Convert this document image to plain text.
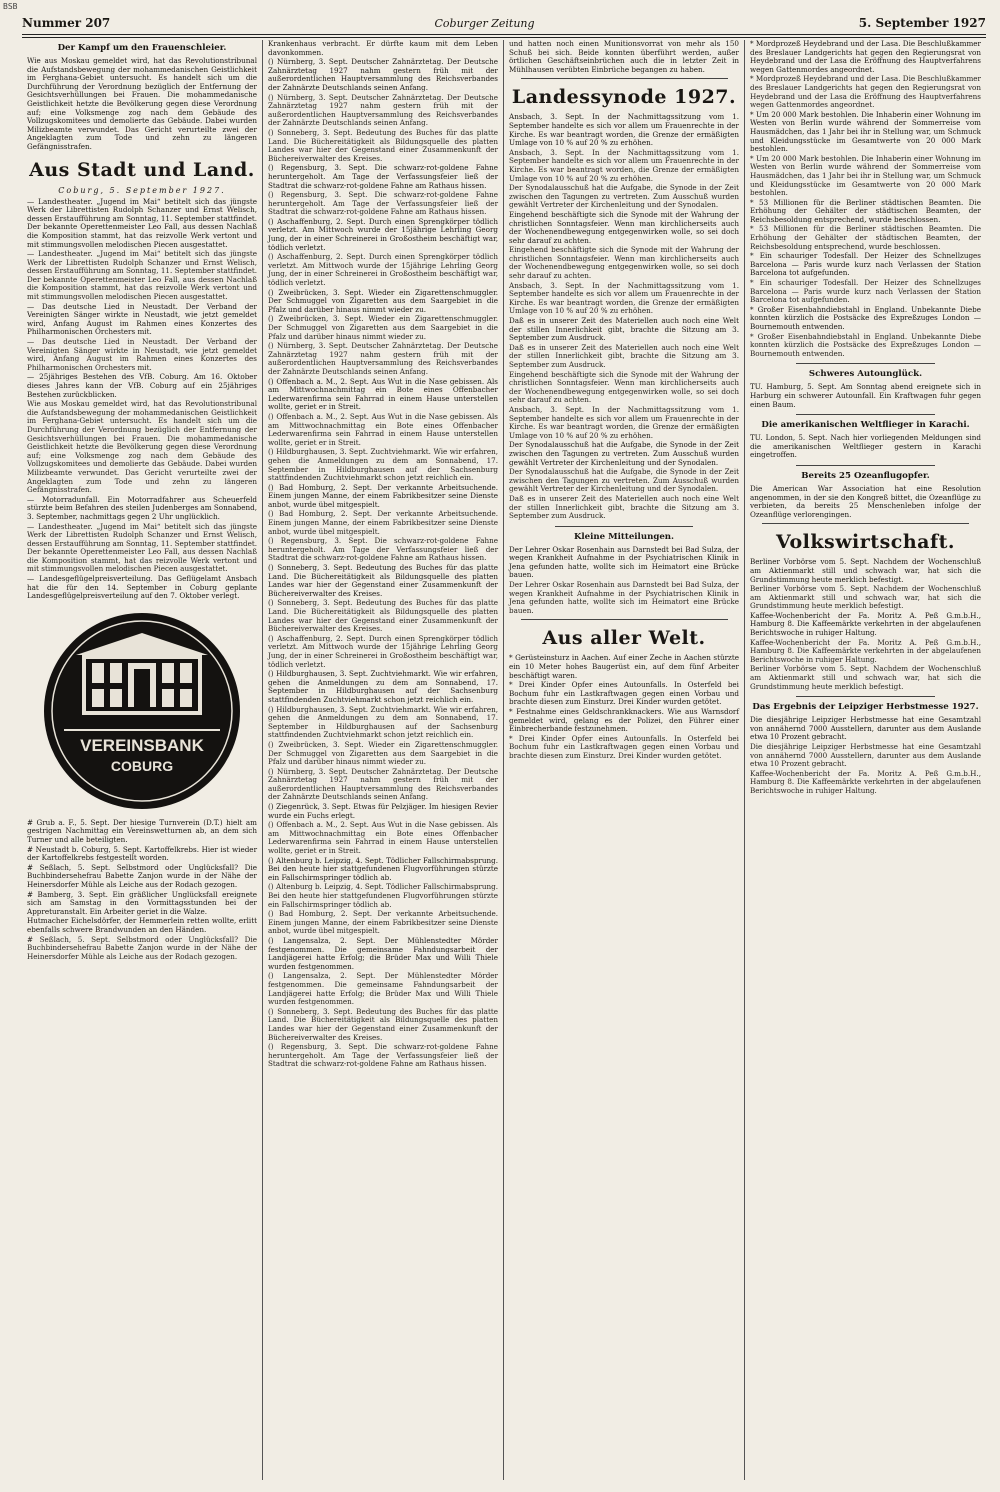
BSB
Nummer 207	Coburger Zeitung	5. September 1927
Der Kampf um den Frauenschleier.
Wie aus Moskau gemeldet wird, hat das Revolutionstribunal die Aufstandsbewegung der mohammedanischen Geistlichkeit im Ferghana-Gebiet untersucht. Es handelt sich um die Durchführung der Verordnung bezüglich der Entfernung der Gesichtsverhüllungen bei Frauen. Die mohammedanische Geistlichkeit hetzte die Bevölkerung gegen diese Verordnung auf; eine Volksmenge zog nach dem Gebäude des Vollzugskomitees und demolierte das Gebäude. Dabei wurden Milizbeamte verwundet. Das Gericht verurteilte zwei der Angeklagten zum Tode und zehn zu längeren Gefängnisstrafen.
Aus Stadt und Land.
Coburg, 5. September 1927.
— Landestheater. „Jugend im Mai“ betitelt sich das jüngste Werk der Librettisten Rudolph Schanzer und Ernst Welisch, dessen Erstaufführung am Sonntag, 11. September stattfindet. Der bekannte Operettenmeister Leo Fall, aus dessen Nachlaß die Komposition stammt, hat das reizvolle Werk vertont und mit stimmungsvollen melodischen Piecen ausgestattet.
— Landestheater. „Jugend im Mai“ betitelt sich das jüngste Werk der Librettisten Rudolph Schanzer und Ernst Welisch, dessen Erstaufführung am Sonntag, 11. September stattfindet. Der bekannte Operettenmeister Leo Fall, aus dessen Nachlaß die Komposition stammt, hat das reizvolle Werk vertont und mit stimmungsvollen melodischen Piecen ausgestattet.
— Das deutsche Lied in Neustadt. Der Verband der Vereinigten Sänger wirkte in Neustadt, wie jetzt gemeldet wird, Anfang August im Rahmen eines Konzertes des Philharmonischen Orchesters mit.
— Das deutsche Lied in Neustadt. Der Verband der Vereinigten Sänger wirkte in Neustadt, wie jetzt gemeldet wird, Anfang August im Rahmen eines Konzertes des Philharmonischen Orchesters mit.
— 25jähriges Bestehen des VfB. Coburg. Am 16. Oktober dieses Jahres kann der VfB. Coburg auf ein 25jähriges Bestehen zurückblicken.
Wie aus Moskau gemeldet wird, hat das Revolutionstribunal die Aufstandsbewegung der mohammedanischen Geistlichkeit im Ferghana-Gebiet untersucht. Es handelt sich um die Durchführung der Verordnung bezüglich der Entfernung der Gesichtsverhüllungen bei Frauen. Die mohammedanische Geistlichkeit hetzte die Bevölkerung gegen diese Verordnung auf; eine Volksmenge zog nach dem Gebäude des Vollzugskomitees und demolierte das Gebäude. Dabei wurden Milizbeamte verwundet. Das Gericht verurteilte zwei der Angeklagten zum Tode und zehn zu längeren Gefängnisstrafen.
— Motorradunfall. Ein Motorradfahrer aus Scheuerfeld stürzte beim Befahren des steilen Judenberges am Sonnabend, 3. September, nachmittags gegen 2 Uhr unglücklich.
— Landestheater. „Jugend im Mai“ betitelt sich das jüngste Werk der Librettisten Rudolph Schanzer und Ernst Welisch, dessen Erstaufführung am Sonntag, 11. September stattfindet. Der bekannte Operettenmeister Leo Fall, aus dessen Nachlaß die Komposition stammt, hat das reizvolle Werk vertont und mit stimmungsvollen melodischen Piecen ausgestattet.
— Landesgeflügelpreisverteilung. Das Geflügelamt Ansbach hat die für den 14. September in Coburg geplante Landesgeflügelpreisverteilung auf den 7. Oktober verlegt.
VEREINSBANK
COBURG
# Grub a. F., 5. Sept. Der hiesige Turnverein (D.T.) hielt am gestrigen Nachmittag ein Vereinswetturnen ab, an dem sich Turner und alle beteiligten.
# Neustadt b. Coburg, 5. Sept. Kartoffelkrebs. Hier ist wieder der Kartoffelkrebs festgestellt worden.
# Seßlach, 5. Sept. Selbstmord oder Unglücksfall? Die Buchbindersehefrau Babette Zanjon wurde in der Nähe der Heinersdorfer Mühle als Leiche aus der Rodach gezogen.
# Bamberg, 3. Sept. Ein gräßlicher Unglücksfall ereignete sich am Samstag in den Vormittagsstunden bei der Appreturanstalt. Ein Arbeiter geriet in die Walze.
Hutmacher Eichelsdörfer, der Hemmerlein retten wollte, erlitt ebenfalls schwere Brandwunden an den Händen.
# Seßlach, 5. Sept. Selbstmord oder Unglücksfall? Die Buchbindersehefrau Babette Zanjon wurde in der Nähe der Heinersdorfer Mühle als Leiche aus der Rodach gezogen.
Krankenhaus verbracht. Er dürfte kaum mit dem Leben davonkommen.
() Nürnberg, 3. Sept. Deutscher Zahnärztetag. Der Deutsche Zahnärztetag 1927 nahm gestern früh mit der außerordentlichen Hauptversammlung des Reichsverbandes der Zahnärzte Deutschlands seinen Anfang.
() Nürnberg, 3. Sept. Deutscher Zahnärztetag. Der Deutsche Zahnärztetag 1927 nahm gestern früh mit der außerordentlichen Hauptversammlung des Reichsverbandes der Zahnärzte Deutschlands seinen Anfang.
() Sonneberg, 3. Sept. Bedeutung des Buches für das platte Land. Die Büchereitätigkeit als Bildungsquelle des platten Landes war hier der Gegenstand einer Zusammenkunft der Büchereiverwalter des Kreises.
() Regensburg, 3. Sept. Die schwarz-rot-goldene Fahne heruntergeholt. Am Tage der Verfassungsfeier ließ der Stadtrat die schwarz-rot-goldene Fahne am Rathaus hissen.
() Regensburg, 3. Sept. Die schwarz-rot-goldene Fahne heruntergeholt. Am Tage der Verfassungsfeier ließ der Stadtrat die schwarz-rot-goldene Fahne am Rathaus hissen.
() Aschaffenburg, 2. Sept. Durch einen Sprengkörper tödlich verletzt. Am Mittwoch wurde der 15jährige Lehrling Georg Jung, der in einer Schreinerei in Großostheim beschäftigt war, tödlich verletzt.
() Aschaffenburg, 2. Sept. Durch einen Sprengkörper tödlich verletzt. Am Mittwoch wurde der 15jährige Lehrling Georg Jung, der in einer Schreinerei in Großostheim beschäftigt war, tödlich verletzt.
() Zweibrücken, 3. Sept. Wieder ein Zigarettenschmuggler. Der Schmuggel von Zigaretten aus dem Saargebiet in die Pfalz und darüber hinaus nimmt wieder zu.
() Zweibrücken, 3. Sept. Wieder ein Zigarettenschmuggler. Der Schmuggel von Zigaretten aus dem Saargebiet in die Pfalz und darüber hinaus nimmt wieder zu.
() Nürnberg, 3. Sept. Deutscher Zahnärztetag. Der Deutsche Zahnärztetag 1927 nahm gestern früh mit der außerordentlichen Hauptversammlung des Reichsverbandes der Zahnärzte Deutschlands seinen Anfang.
() Offenbach a. M., 2. Sept. Aus Wut in die Nase gebissen. Als am Mittwochnachmittag ein Bote eines Offenbacher Lederwarenfirma sein Fahrrad in einem Hause unterstellen wollte, geriet er in Streit.
() Offenbach a. M., 2. Sept. Aus Wut in die Nase gebissen. Als am Mittwochnachmittag ein Bote eines Offenbacher Lederwarenfirma sein Fahrrad in einem Hause unterstellen wollte, geriet er in Streit.
() Hildburghausen, 3. Sept. Zuchtviehmarkt. Wie wir erfahren, gehen die Anmeldungen zu dem am Sonnabend, 17. September in Hildburghausen auf der Sachsenburg stattfindenden Zuchtviehmarkt schon jetzt reichlich ein.
() Bad Homburg, 2. Sept. Der verkannte Arbeitsuchende. Einem jungen Manne, der einem Fabrikbesitzer seine Dienste anbot, wurde übel mitgespielt.
() Bad Homburg, 2. Sept. Der verkannte Arbeitsuchende. Einem jungen Manne, der einem Fabrikbesitzer seine Dienste anbot, wurde übel mitgespielt.
() Regensburg, 3. Sept. Die schwarz-rot-goldene Fahne heruntergeholt. Am Tage der Verfassungsfeier ließ der Stadtrat die schwarz-rot-goldene Fahne am Rathaus hissen.
() Sonneberg, 3. Sept. Bedeutung des Buches für das platte Land. Die Büchereitätigkeit als Bildungsquelle des platten Landes war hier der Gegenstand einer Zusammenkunft der Büchereiverwalter des Kreises.
() Sonneberg, 3. Sept. Bedeutung des Buches für das platte Land. Die Büchereitätigkeit als Bildungsquelle des platten Landes war hier der Gegenstand einer Zusammenkunft der Büchereiverwalter des Kreises.
() Aschaffenburg, 2. Sept. Durch einen Sprengkörper tödlich verletzt. Am Mittwoch wurde der 15jährige Lehrling Georg Jung, der in einer Schreinerei in Großostheim beschäftigt war, tödlich verletzt.
() Hildburghausen, 3. Sept. Zuchtviehmarkt. Wie wir erfahren, gehen die Anmeldungen zu dem am Sonnabend, 17. September in Hildburghausen auf der Sachsenburg stattfindenden Zuchtviehmarkt schon jetzt reichlich ein.
() Hildburghausen, 3. Sept. Zuchtviehmarkt. Wie wir erfahren, gehen die Anmeldungen zu dem am Sonnabend, 17. September in Hildburghausen auf der Sachsenburg stattfindenden Zuchtviehmarkt schon jetzt reichlich ein.
() Zweibrücken, 3. Sept. Wieder ein Zigarettenschmuggler. Der Schmuggel von Zigaretten aus dem Saargebiet in die Pfalz und darüber hinaus nimmt wieder zu.
() Nürnberg, 3. Sept. Deutscher Zahnärztetag. Der Deutsche Zahnärztetag 1927 nahm gestern früh mit der außerordentlichen Hauptversammlung des Reichsverbandes der Zahnärzte Deutschlands seinen Anfang.
() Ziegenrück, 3. Sept. Etwas für Pelzjäger. Im hiesigen Revier wurde ein Fuchs erlegt.
() Offenbach a. M., 2. Sept. Aus Wut in die Nase gebissen. Als am Mittwochnachmittag ein Bote eines Offenbacher Lederwarenfirma sein Fahrrad in einem Hause unterstellen wollte, geriet er in Streit.
() Altenburg b. Leipzig, 4. Sept. Tödlicher Fallschirmabsprung. Bei den heute hier stattgefundenen Flugvorführungen stürzte ein Fallschirmspringer tödlich ab.
() Altenburg b. Leipzig, 4. Sept. Tödlicher Fallschirmabsprung. Bei den heute hier stattgefundenen Flugvorführungen stürzte ein Fallschirmspringer tödlich ab.
() Bad Homburg, 2. Sept. Der verkannte Arbeitsuchende. Einem jungen Manne, der einem Fabrikbesitzer seine Dienste anbot, wurde übel mitgespielt.
() Langensalza, 2. Sept. Der Mühlenstedter Mörder festgenommen. Die gemeinsame Fahndungsarbeit der Landjägerei hatte Erfolg; die Brüder Max und Willi Thiele wurden festgenommen.
() Langensalza, 2. Sept. Der Mühlenstedter Mörder festgenommen. Die gemeinsame Fahndungsarbeit der Landjägerei hatte Erfolg; die Brüder Max und Willi Thiele wurden festgenommen.
() Sonneberg, 3. Sept. Bedeutung des Buches für das platte Land. Die Büchereitätigkeit als Bildungsquelle des platten Landes war hier der Gegenstand einer Zusammenkunft der Büchereiverwalter des Kreises.
() Regensburg, 3. Sept. Die schwarz-rot-goldene Fahne heruntergeholt. Am Tage der Verfassungsfeier ließ der Stadtrat die schwarz-rot-goldene Fahne am Rathaus hissen.
und hatten noch einen Munitionsvorrat von mehr als 150 Schuß bei sich. Beide konnten überführt werden, außer örtlichen Geschäftseinbrüchen auch die in letzter Zeit in Mühlhausen verübten Einbrüche begangen zu haben.
Landessynode 1927.
Ansbach, 3. Sept. In der Nachmittagssitzung vom 1. September handelte es sich vor allem um Frauenrechte in der Kirche. Es war beantragt worden, die Grenze der ermäßigten Umlage von 10 % auf 20 % zu erhöhen.
Ansbach, 3. Sept. In der Nachmittagssitzung vom 1. September handelte es sich vor allem um Frauenrechte in der Kirche. Es war beantragt worden, die Grenze der ermäßigten Umlage von 10 % auf 20 % zu erhöhen.
Der Synodalausschuß hat die Aufgabe, die Synode in der Zeit zwischen den Tagungen zu vertreten. Zum Ausschuß wurden gewählt Vertreter der Kirchenleitung und der Synodalen.
Eingehend beschäftigte sich die Synode mit der Wahrung der christlichen Sonntagsfeier. Wenn man kirchlicherseits auch der Wochenendbewegung entgegenwirken wolle, so sei doch sehr darauf zu achten.
Eingehend beschäftigte sich die Synode mit der Wahrung der christlichen Sonntagsfeier. Wenn man kirchlicherseits auch der Wochenendbewegung entgegenwirken wolle, so sei doch sehr darauf zu achten.
Ansbach, 3. Sept. In der Nachmittagssitzung vom 1. September handelte es sich vor allem um Frauenrechte in der Kirche. Es war beantragt worden, die Grenze der ermäßigten Umlage von 10 % auf 20 % zu erhöhen.
Daß es in unserer Zeit des Materiellen auch noch eine Welt der stillen Innerlichkeit gibt, brachte die Sitzung am 3. September zum Ausdruck.
Daß es in unserer Zeit des Materiellen auch noch eine Welt der stillen Innerlichkeit gibt, brachte die Sitzung am 3. September zum Ausdruck.
Eingehend beschäftigte sich die Synode mit der Wahrung der christlichen Sonntagsfeier. Wenn man kirchlicherseits auch der Wochenendbewegung entgegenwirken wolle, so sei doch sehr darauf zu achten.
Ansbach, 3. Sept. In der Nachmittagssitzung vom 1. September handelte es sich vor allem um Frauenrechte in der Kirche. Es war beantragt worden, die Grenze der ermäßigten Umlage von 10 % auf 20 % zu erhöhen.
Der Synodalausschuß hat die Aufgabe, die Synode in der Zeit zwischen den Tagungen zu vertreten. Zum Ausschuß wurden gewählt Vertreter der Kirchenleitung und der Synodalen.
Der Synodalausschuß hat die Aufgabe, die Synode in der Zeit zwischen den Tagungen zu vertreten. Zum Ausschuß wurden gewählt Vertreter der Kirchenleitung und der Synodalen.
Daß es in unserer Zeit des Materiellen auch noch eine Welt der stillen Innerlichkeit gibt, brachte die Sitzung am 3. September zum Ausdruck.
Kleine Mitteilungen.
Der Lehrer Oskar Rosenhain aus Darnstedt bei Bad Sulza, der wegen Krankheit Aufnahme in der Psychiatrischen Klinik in Jena gefunden hatte, wollte sich im Heimatort eine Brücke bauen.
Der Lehrer Oskar Rosenhain aus Darnstedt bei Bad Sulza, der wegen Krankheit Aufnahme in der Psychiatrischen Klinik in Jena gefunden hatte, wollte sich im Heimatort eine Brücke bauen.
Aus aller Welt.
* Gerüsteinsturz in Aachen. Auf einer Zeche in Aachen stürzte ein 10 Meter hohes Baugerüst ein, auf dem fünf Arbeiter beschäftigt waren.
* Drei Kinder Opfer eines Autounfalls. In Osterfeld bei Bochum fuhr ein Lastkraftwagen gegen einen Vorbau und brachte diesen zum Einsturz. Drei Kinder wurden getötet.
* Festnahme eines Geldschrankknackers. Wie aus Warnsdorf gemeldet wird, gelang es der Polizei, den Führer einer Einbrecherbande festzunehmen.
* Drei Kinder Opfer eines Autounfalls. In Osterfeld bei Bochum fuhr ein Lastkraftwagen gegen einen Vorbau und brachte diesen zum Einsturz. Drei Kinder wurden getötet.
* Mordprozeß Heydebrand und der Lasa. Die Beschlußkammer des Breslauer Landgerichts hat gegen den Regierungsrat von Heydebrand und der Lasa die Eröffnung des Hauptverfahrens wegen Gattenmordes angeordnet.
* Mordprozeß Heydebrand und der Lasa. Die Beschlußkammer des Breslauer Landgerichts hat gegen den Regierungsrat von Heydebrand und der Lasa die Eröffnung des Hauptverfahrens wegen Gattenmordes angeordnet.
* Um 20 000 Mark bestohlen. Die Inhaberin einer Wohnung im Westen von Berlin wurde während der Sommerreise vom Hausmädchen, das 1 Jahr bei ihr in Stellung war, um Schmuck und Kleidungsstücke im Gesamtwerte von 20 000 Mark bestohlen.
* Um 20 000 Mark bestohlen. Die Inhaberin einer Wohnung im Westen von Berlin wurde während der Sommerreise vom Hausmädchen, das 1 Jahr bei ihr in Stellung war, um Schmuck und Kleidungsstücke im Gesamtwerte von 20 000 Mark bestohlen.
* 53 Millionen für die Berliner städtischen Beamten. Die Erhöhung der Gehälter der städtischen Beamten, der Reichsbesoldung entsprechend, wurde beschlossen.
* 53 Millionen für die Berliner städtischen Beamten. Die Erhöhung der Gehälter der städtischen Beamten, der Reichsbesoldung entsprechend, wurde beschlossen.
* Ein schauriger Todesfall. Der Heizer des Schnellzuges Barcelona — Paris wurde kurz nach Verlassen der Station Barcelona tot aufgefunden.
* Ein schauriger Todesfall. Der Heizer des Schnellzuges Barcelona — Paris wurde kurz nach Verlassen der Station Barcelona tot aufgefunden.
* Großer Eisenbahndiebstahl in England. Unbekannte Diebe konnten kürzlich die Postsäcke des Expreßzuges London — Bournemouth entwenden.
* Großer Eisenbahndiebstahl in England. Unbekannte Diebe konnten kürzlich die Postsäcke des Expreßzuges London — Bournemouth entwenden.
Schweres Autounglück.
TU. Hamburg, 5. Sept. Am Sonntag abend ereignete sich in Harburg ein schwerer Autounfall. Ein Kraftwagen fuhr gegen einen Baum.
Die amerikanischen Weltflieger in Karachi.
TU. London, 5. Sept. Nach hier vorliegenden Meldungen sind die amerikanischen Weltflieger gestern in Karachi eingetroffen.
Bereits 25 Ozeanflugopfer.
Die American War Association hat eine Resolution angenommen, in der sie den Kongreß bittet, die Ozeanflüge zu verbieten, da bereits 25 Menschenleben infolge der Ozeanflüge verlorengingen.
Volkswirtschaft.
Berliner Vorbörse vom 5. Sept. Nachdem der Wochenschluß am Aktienmarkt still und schwach war, hat sich die Grundstimmung heute merklich befestigt.
Berliner Vorbörse vom 5. Sept. Nachdem der Wochenschluß am Aktienmarkt still und schwach war, hat sich die Grundstimmung heute merklich befestigt.
Kaffee-Wochenbericht der Fa. Moritz A. Peß G.m.b.H., Hamburg 8. Die Kaffeemärkte verkehrten in der abgelaufenen Berichtswoche in ruhiger Haltung.
Kaffee-Wochenbericht der Fa. Moritz A. Peß G.m.b.H., Hamburg 8. Die Kaffeemärkte verkehrten in der abgelaufenen Berichtswoche in ruhiger Haltung.
Berliner Vorbörse vom 5. Sept. Nachdem der Wochenschluß am Aktienmarkt still und schwach war, hat sich die Grundstimmung heute merklich befestigt.
Das Ergebnis der Leipziger Herbstmesse 1927.
Die diesjährige Leipziger Herbstmesse hat eine Gesamtzahl von annähernd 7000 Ausstellern, darunter aus dem Auslande etwa 10 Prozent gebracht.
Die diesjährige Leipziger Herbstmesse hat eine Gesamtzahl von annähernd 7000 Ausstellern, darunter aus dem Auslande etwa 10 Prozent gebracht.
Kaffee-Wochenbericht der Fa. Moritz A. Peß G.m.b.H., Hamburg 8. Die Kaffeemärkte verkehrten in der abgelaufenen Berichtswoche in ruhiger Haltung.
